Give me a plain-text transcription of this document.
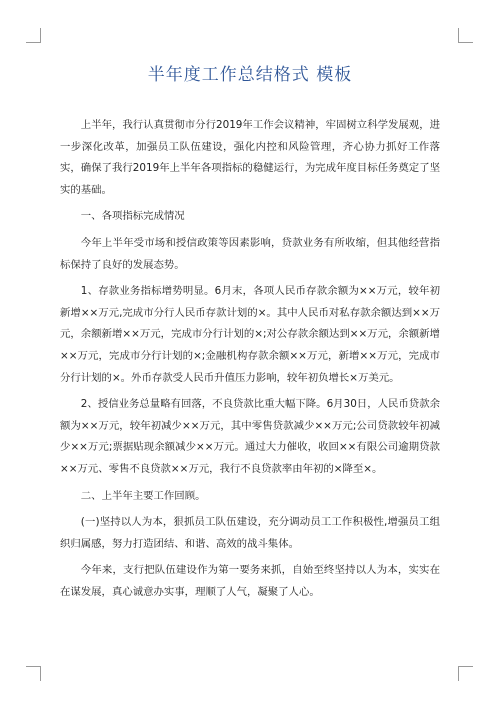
半年度工作总结格式 模板

上半年，我行认真贯彻市分行2019年工作会议精神，牢固树立科学发展观，进一步深化改革，加强员工队伍建设，强化内控和风险管理，齐心协力抓好工作落实，确保了我行2019年上半年各项指标的稳健运行，为完成年度目标任务奠定了坚实的基础。

一、各项指标完成情况

今年上半年受市场和授信政策等因素影响，贷款业务有所收缩，但其他经营指标保持了良好的发展态势。

1、存款业务指标增势明显。6月末，各项人民币存款余额为××万元，较年初新增××万元,完成市分行人民币存款计划的×。其中人民币对私存款余额达到××万元，余额新增××万元，完成市分行计划的×;对公存款余额达到××万元，余额新增××万元，完成市分行计划的×;金融机构存款余额××万元，新增××万元，完成市分行计划的×。外币存款受人民币升值压力影响，较年初负增长×万美元。

2、授信业务总量略有回落，不良贷款比重大幅下降。6月30日，人民币贷款余额为××万元，较年初减少××万元，其中零售贷款减少××万元;公司贷款较年初减少××万元;票据贴现余额减少××万元。通过大力催收，收回××有限公司逾期贷款××万元、零售不良贷款××万元，我行不良贷款率由年初的×降至×。

二、上半年主要工作回顾。

(一)坚持以人为本，狠抓员工队伍建设，充分调动员工工作积极性,增强员工组织归属感，努力打造团结、和谐、高效的战斗集体。

今年来，支行把队伍建设作为第一要务来抓，自始至终坚持以人为本，实实在在谋发展，真心诚意办实事，理顺了人气，凝聚了人心。
